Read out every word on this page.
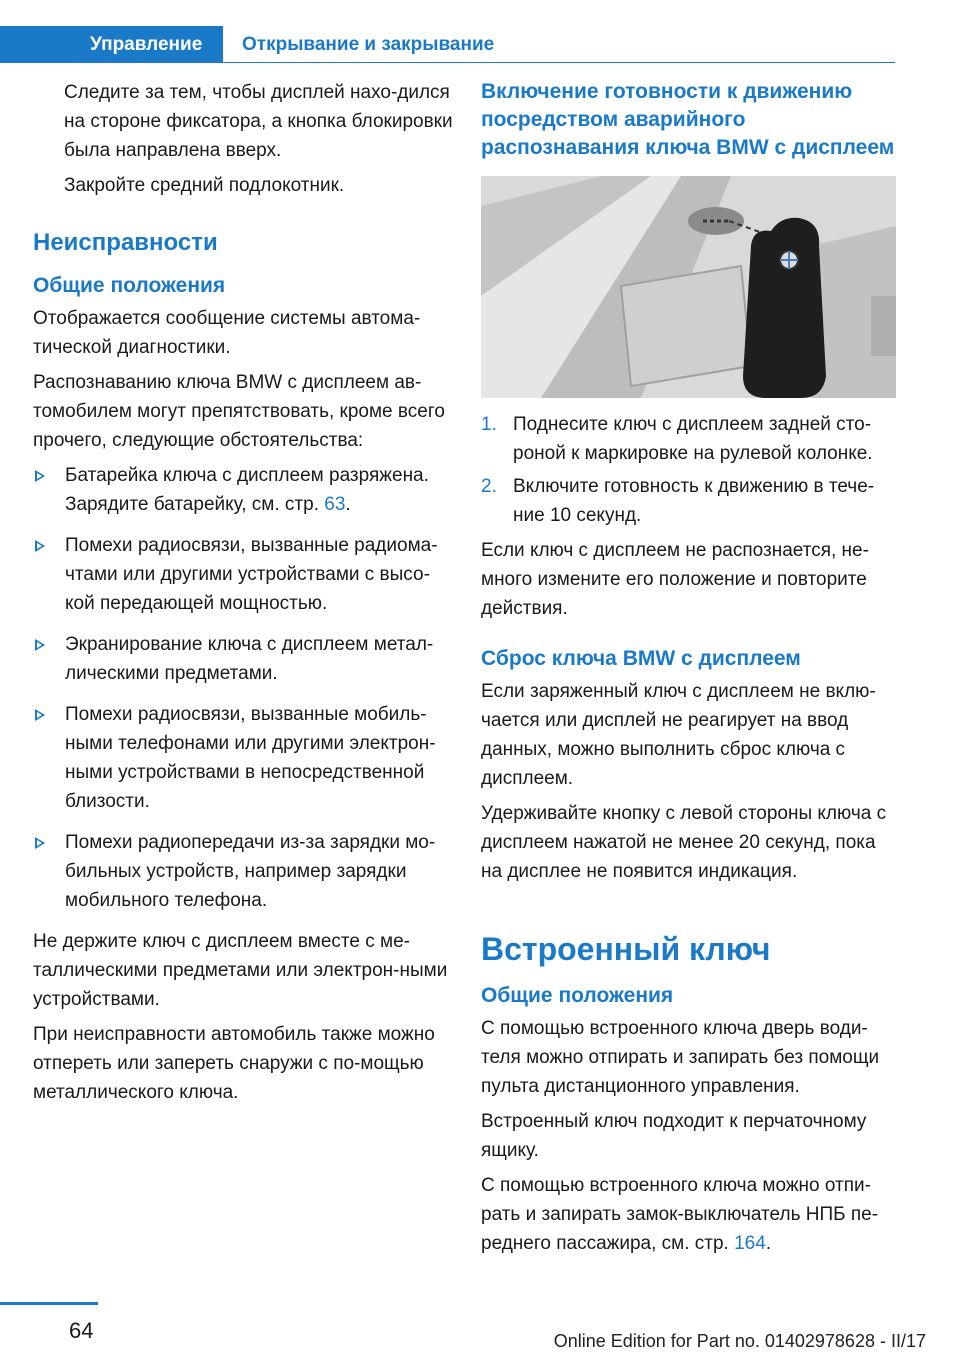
Управление Открывание и закрывание

Следите за тем, чтобы дисплей нахо-дился на стороне фиксатора, а кнопка блокировки была направлена вверх.

Закройте средний подлокотник.

Неисправности
Общие положения

Отображается сообщение системы автома-тической диагностики.

Распознаванию ключа BMW с дисплеем ав-томобилем могут препятствовать, кроме всего прочего, следующие обстоятельства:

Батарейка ключа с дисплеем разряжена. Зарядите батарейку, см. стр. 63.
Помехи радиосвязи, вызванные радиома-чтами или другими устройствами с высо-кой передающей мощностью.
Экранирование ключа с дисплеем метал-лическими предметами.
Помехи радиосвязи, вызванные мобиль-ными телефонами или другими электрон-ными устройствами в непосредственной близости.
Помехи радиопередачи из-за зарядки мо-бильных устройств, например зарядки мобильного телефона.

Не держите ключ с дисплеем вместе с ме-таллическими предметами или электрон-ными устройствами.

При неисправности автомобиль также можно отпереть или запереть снаружи с по-мощью металлического ключа.

Включение готовности к движению посредством аварийного распознавания ключа BMW с дисплеем
1. Поднесите ключ с дисплеем задней сто-роной к маркировке на рулевой колонке.
2. Включите готовность к движению в тече-ние 10 секунд.

Если ключ с дисплеем не распознается, не-много измените его положение и повторите действия.

Сброс ключа BMW с дисплеем

Если заряженный ключ с дисплеем не вклю-чается или дисплей не реагирует на ввод данных, можно выполнить сброс ключа с дисплеем.

Удерживайте кнопку с левой стороны ключа с дисплеем нажатой не менее 20 секунд, пока на дисплее не появится индикация.

Встроенный ключ
Общие положения

С помощью встроенного ключа дверь води-теля можно отпирать и запирать без помощи пульта дистанционного управления.

Встроенный ключ подходит к перчаточному ящику.

С помощью встроенного ключа можно отпи-рать и запирать замок-выключатель НПБ пе-реднего пассажира, см. стр. 164.

64	Online Edition for Part no. 01402978628 - II/17
